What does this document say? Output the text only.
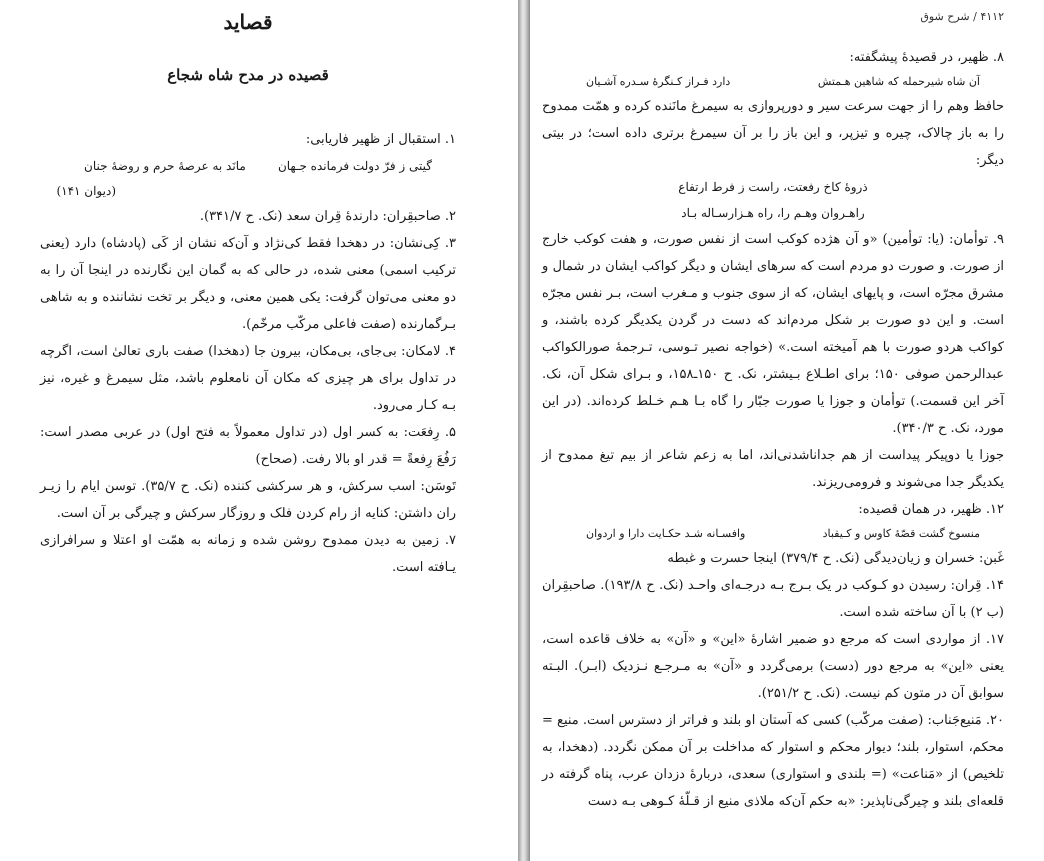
قصاید
قصیده در مدح شاه شجاع

۱. استقبال از ظهیر فاریابی:

گیتی ز فرّ دولت فرمانده جـهان
مانَد به عرصهٔ حرم و روضهٔ جنان
(دیوان ۱۴۱)

۲. صاحبقِران: دارندهٔ قِران سعد (نک. ح ۳۴۱/۷).

۳. کِی‌نشان: در دهخدا فقط کی‌نژاد و آن‌که نشان از کَی (پادشاه) دارد (یعنی ترکیب اسمی) معنی شده، در حالی که به گمان این نگارنده در اینجا آن را به دو معنی می‌توان گرفت: یکی همین معنی، و دیگر بر تخت نشاننده و به شاهی بـرگمارنده (صفت فاعلی مرکّب مرخّم).

۴. لامکان: بی‌جای، بی‌مکان، بیرون جا (دهخدا) صفت باری تعالیٰ است، اگرچه در تداول برای هر چیزی که مکان آن نامعلوم باشد، مثل سیمرغ و غیره، نیز بـه کـار می‌رود.

۵. رِفعَت: به کسر اول (در تداول معمولاً به فتح اول) در عربی مصدر است: رَفُعَ رِفعةً = قدر او بالا رفت. (صحاح)

تَوسَن: اسب سرکش، و هر سرکشی کننده (نک. ح ۳۵/۷). توسن ایام را زیـر ران داشتن: کنایه از رام کردن فلک و روزگار سرکش و چیرگی بر آن است.

۷. زمین به دیدن ممدوح روشن شده و زمانه به همّت او اعتلا و سرافرازی یـافته است.

۴۱۱۲ / شرح شوق

۸. ظهیر، در قصیدهٔ پیشگفته:

آن شاه شیرحمله که شاهین هـمتش
دارد فـراز کـنگرهٔ سـدره آشـیان

حافظ وهم را از جهت سرعت سیر و دورپروازی به سیمرغ مانَنده کرده و همّت ممدوح را به باز چالاک، چیره و تیزپر، و این باز را بر آن سیمرغ برتری داده است؛ در بیتی دیگر:

ذروهٔ کاخ رفعتت، راست ز فرط ارتفاع
راهـروان وهـم را، راه هـزارسـاله بـاد

۹. توأمان: (یا: توأمین) «و آن هژده کوکب است از نفس صورت، و هفت کوکب خارج از صورت. و صورت دو مردم است که سرهای ایشان و دیگر کواکب ایشان در شمال و مشرق مجرّه است، و پایهای ایشان، که از سوی جنوب و مـغرب است، بـر نفس مجرّه است. و این دو صورت بر شکل مردم‌اند که دست در گردن یکدیگر کرده باشند، و کواکب هردو صورت با هم آمیخته است.» (خواجه نصیر تـوسی، تـرجمهٔ صورالکواکب عبدالرحمن صوفی ۱۵۰؛ برای اطـلاع بـیشتر، نک. ح ۱۵۰ـ۱۵۸، و بـرای شکل آن، نک. آخر این قسمت.) توأمان و جوزا یا صورت جبّار را گاه بـا هـم خـلط کرده‌اند. (در این مورد، نک. ح ۳۴۰/۳).

جوزا یا دوپیکر پیداست از هم جداناشدنی‌اند، اما به زعم شاعر از بیم تیغ ممدوح از یکدیگر جدا می‌شوند و فرومی‌ریزند.

۱۲. ظهیر، در همان قصیده:

منسوخ گشت قصّهٔ کاوس و کـیقباد
وافسـانه شـد حکـایت دارا و اردوان

غَبن: خسران و زیان‌دیدگی (نک. ح ۳۷۹/۴) اینجا حسرت و غبطه

۱۴. قِران: رسیدن دو کـوکب در یک بـرج بـه درجـه‌ای واحـد (نک. ح ۱۹۳/۸). صاحبقِران (ب ۲) با آن ساخته شده است.

۱۷. از مواردی است که مرجع دو ضمیر اشارهٔ «این» و «آن» به خلاف قاعده است، یعنی «این» به مرجع دور (دست) برمی‌گردد و «آن» به مـرجـع نـزدیک (ابـر). البـته سوابق آن در متون کم نیست. (نک. ح ۲۵۱/۲).

۲۰. مَنیع‌جَناب: (صفت مرکّب) کسی که آستان او بلند و فراتر از دسترس است. منیع = محکم، استوار، بلند؛ دیوار محکم و استوار که مداخلت بر آن ممکن نگردد. (دهخدا، به تلخیص) از «مَناعت» (= بلندی و استواری) سعدی، دربارهٔ دزدان عرب، پناه گرفته در قلعه‌ای بلند و چیرگی‌ناپذیر: «به حکم آن‌که ملاذی منیع از قـلّهٔ کـوهی بـه دست
